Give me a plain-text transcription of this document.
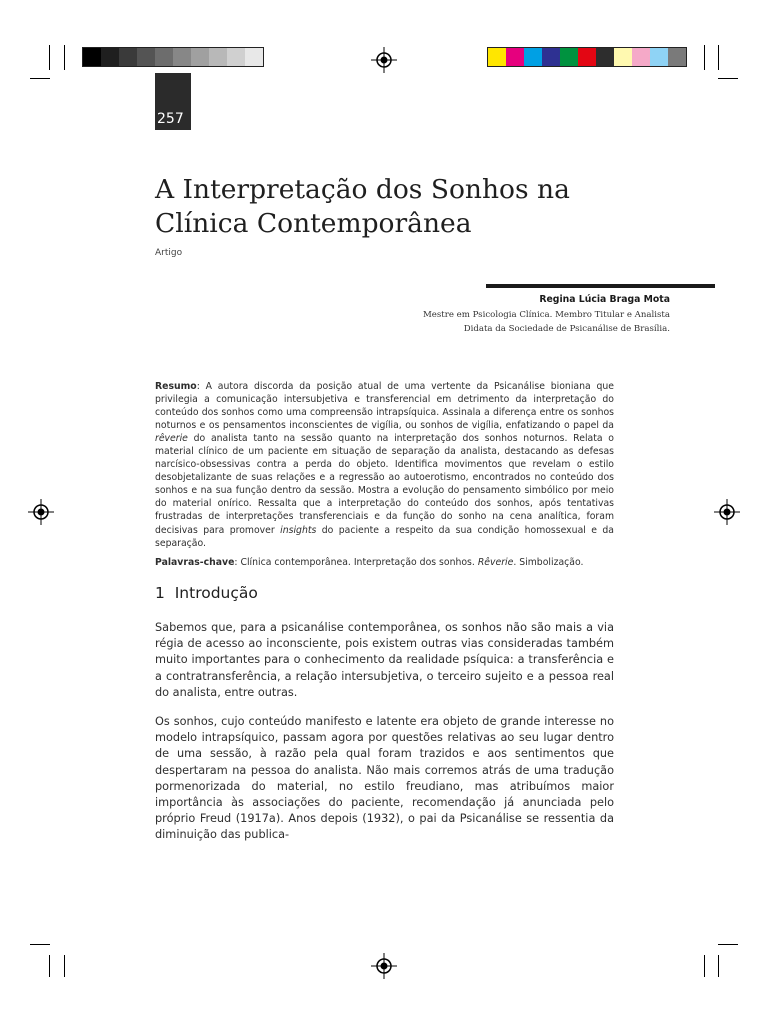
257
A Interpretação dos Sonhos na
Clínica Contemporânea
Artigo
Regina Lúcia Braga Mota
Mestre em Psicologia Clínica. Membro Titular e Analista
Didata da Sociedade de Psicanálise de Brasília.

Resumo: A autora discorda da posição atual de uma vertente da Psicanálise bioniana que privilegia a comunicação intersubjetiva e transferencial em detrimento da interpretação do conteúdo dos sonhos como uma compreensão intrapsíquica. Assinala a diferença entre os sonhos noturnos e os pensamentos inconscientes de vigília, ou sonhos de vigília, enfatizando o papel da rêverie do analista tanto na sessão quanto na interpretação dos sonhos noturnos. Relata o material clínico de um paciente em situação de separação da analista, destacando as defesas narcísico-obsessivas contra a perda do objeto. Identifica movimentos que revelam o estilo desobjetalizante de suas relações e a regressão ao autoerotismo, encontrados no conteúdo dos sonhos e na sua função dentro da sessão. Mostra a evolução do pensamento simbólico por meio do material onírico. Ressalta que a interpretação do conteúdo dos sonhos, após tentativas frustradas de interpretações transferenciais e da função do sonho na cena analítica, foram decisivas para promover insights do paciente a respeito da sua condição homossexual e da separação.

Palavras-chave: Clínica contemporânea. Interpretação dos sonhos. Rêverie. Simbolização.
1 Introdução

Sabemos que, para a psicanálise contemporânea, os sonhos não são mais a via régia de acesso ao inconsciente, pois existem outras vias consideradas também muito importantes para o conhecimento da realidade psíquica: a transferência e a contratransferência, a relação intersubjetiva, o terceiro sujeito e a pessoa real do analista, entre outras.

Os sonhos, cujo conteúdo manifesto e latente era objeto de grande interesse no modelo intrapsíquico, passam agora por questões relativas ao seu lugar dentro de uma sessão, à razão pela qual foram trazidos e aos sentimentos que despertaram na pessoa do analista. Não mais corremos atrás de uma tradução pormenorizada do material, no estilo freudiano, mas atribuímos maior importância às associações do paciente, recomendação já anunciada pelo próprio Freud (1917a). Anos depois (1932), o pai da Psicanálise se ressentia da diminuição das publica-
